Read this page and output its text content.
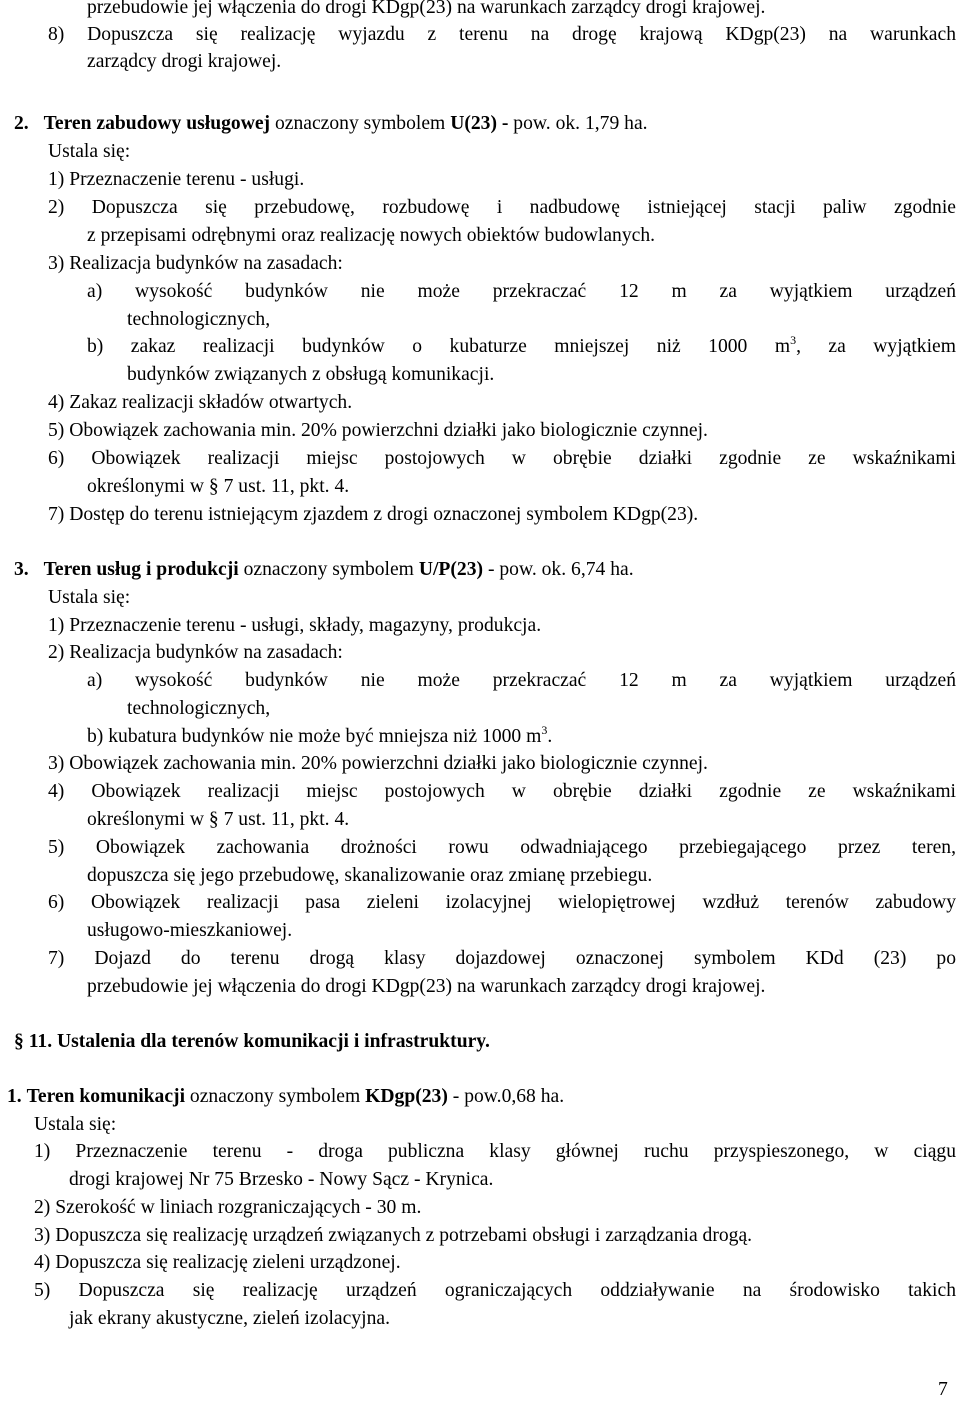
przebudowie jej włączenia do drogi KDgp(23) na warunkach zarządcy drogi krajowej.
8) Dopuszcza się realizację wyjazdu z terenu na drogę krajową KDgp(23) na warunkach
zarządcy drogi krajowej.
2. Teren zabudowy usługowej oznaczony symbolem U(23) - pow. ok. 1,79 ha.
Ustala się:
1) Przeznaczenie terenu - usługi.
2) Dopuszcza się przebudowę, rozbudowę i nadbudowę istniejącej stacji paliw zgodnie
z przepisami odrębnymi oraz realizację nowych obiektów budowlanych.
3) Realizacja budynków na zasadach:
a) wysokość budynków nie może przekraczać 12 m za wyjątkiem urządzeń
technologicznych,
b) zakaz realizacji budynków o kubaturze mniejszej niż 1000 $m^3$, za wyjątkiem
budynków związanych z obsługą komunikacji.
4) Zakaz realizacji składów otwartych.
5) Obowiązek zachowania min. 20% powierzchni działki jako biologicznie czynnej.
6) Obowiązek realizacji miejsc postojowych w obrębie działki zgodnie ze wskaźnikami
określonymi w § 7 ust. 11, pkt. 4.
7) Dostęp do terenu istniejącym zjazdem z drogi oznaczonej symbolem KDgp(23).
3. Teren usług i produkcji oznaczony symbolem U/P(23) - pow. ok. 6,74 ha.
Ustala się:
1) Przeznaczenie terenu - usługi, składy, magazyny, produkcja.
2) Realizacja budynków na zasadach:
a) wysokość budynków nie może przekraczać 12 m za wyjątkiem urządzeń
technologicznych,
b) kubatura budynków nie może być mniejsza niż 1000 $m^3$.
3) Obowiązek zachowania min. 20% powierzchni działki jako biologicznie czynnej.
4) Obowiązek realizacji miejsc postojowych w obrębie działki zgodnie ze wskaźnikami
określonymi w § 7 ust. 11, pkt. 4.
5) Obowiązek zachowania drożności rowu odwadniającego przebiegającego przez teren,
dopuszcza się jego przebudowę, skanalizowanie oraz zmianę przebiegu.
6) Obowiązek realizacji pasa zieleni izolacyjnej wielopiętrowej wzdłuż terenów zabudowy
usługowo-mieszkaniowej.
7) Dojazd do terenu drogą klasy dojazdowej oznaczonej symbolem KDd (23) po
przebudowie jej włączenia do drogi KDgp(23) na warunkach zarządcy drogi krajowej.
§ 11. Ustalenia dla terenów komunikacji i infrastruktury.
1. Teren komunikacji oznaczony symbolem KDgp(23) - pow.0,68 ha.
Ustala się:
1) Przeznaczenie terenu - droga publiczna klasy głównej ruchu przyspieszonego, w ciągu
drogi krajowej Nr 75 Brzesko - Nowy Sącz - Krynica.
2) Szerokość w liniach rozgraniczających - 30 m.
3) Dopuszcza się realizację urządzeń związanych z potrzebami obsługi i zarządzania drogą.
4) Dopuszcza się realizację zieleni urządzonej.
5) Dopuszcza się realizację urządzeń ograniczających oddziaływanie na środowisko takich
jak ekrany akustyczne, zieleń izolacyjna.
7
